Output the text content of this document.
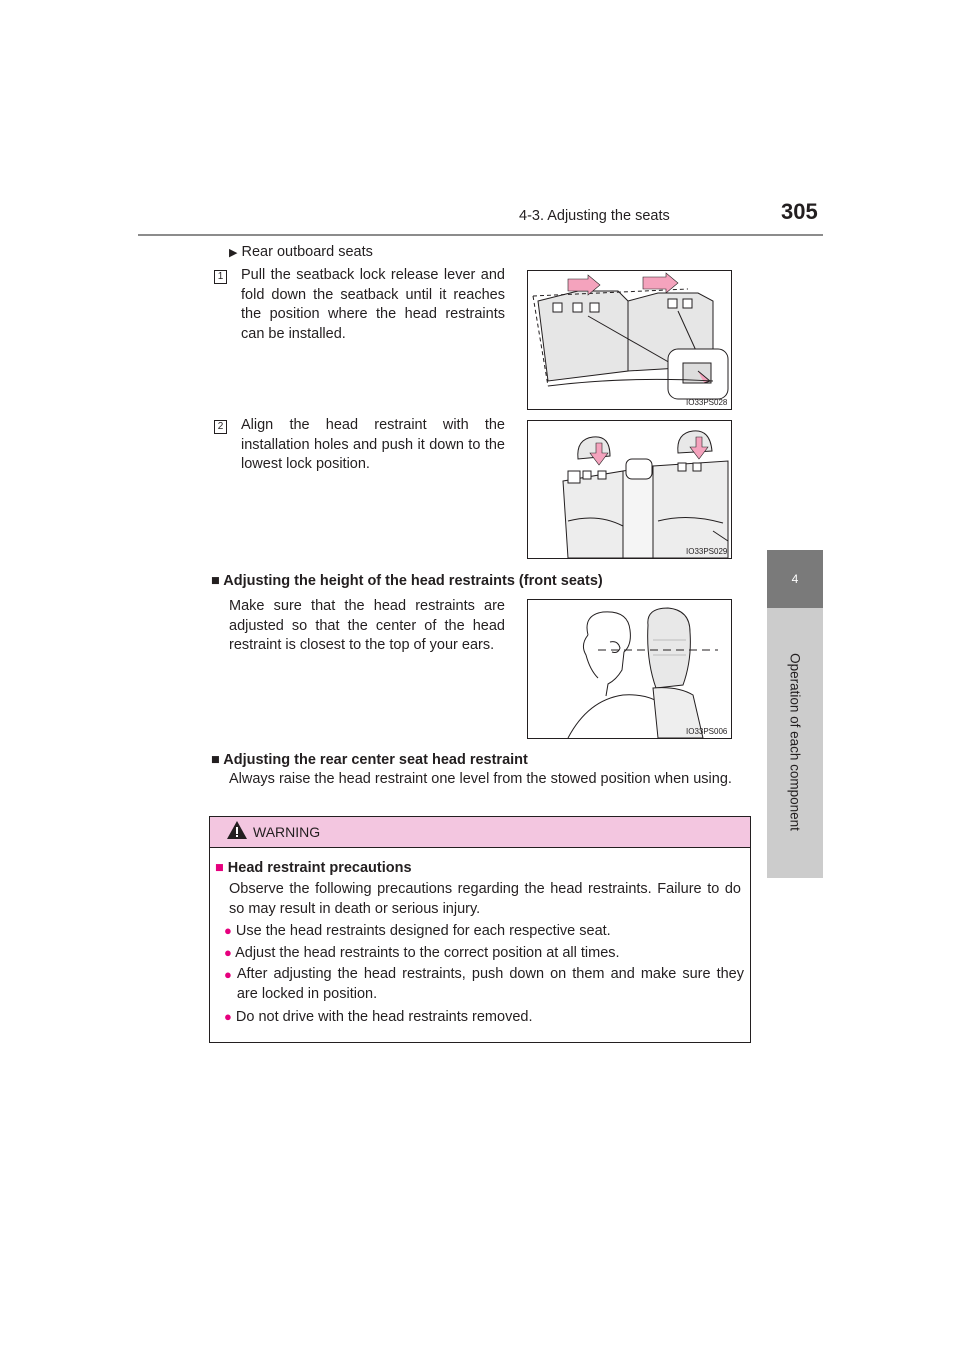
4-3. Adjusting the seats	305
4
Operation of each component
▶ Rear outboard seats
1 Pull the seatback lock release lever and fold down the seatback until it reaches the position where the head restraints can be installed.
IO33PS028
2 Align the head restraint with the installation holes and push it down to the lowest lock position.
IO33PS029
■ Adjusting the height of the head restraints (front seats)
Make sure that the head restraints are adjusted so that the center of the head restraint is closest to the top of your ears.
IO33PS006
■ Adjusting the rear center seat head restraint
Always raise the head restraint one level from the stowed position when using.
WARNING
■ Head restraint precautions
Observe the following precautions regarding the head restraints. Failure to do so may result in death or serious injury.
● Use the head restraints designed for each respective seat.
● Adjust the head restraints to the correct position at all times.
● After adjusting the head restraints, push down on them and make sure they are locked in position.
● Do not drive with the head restraints removed.
